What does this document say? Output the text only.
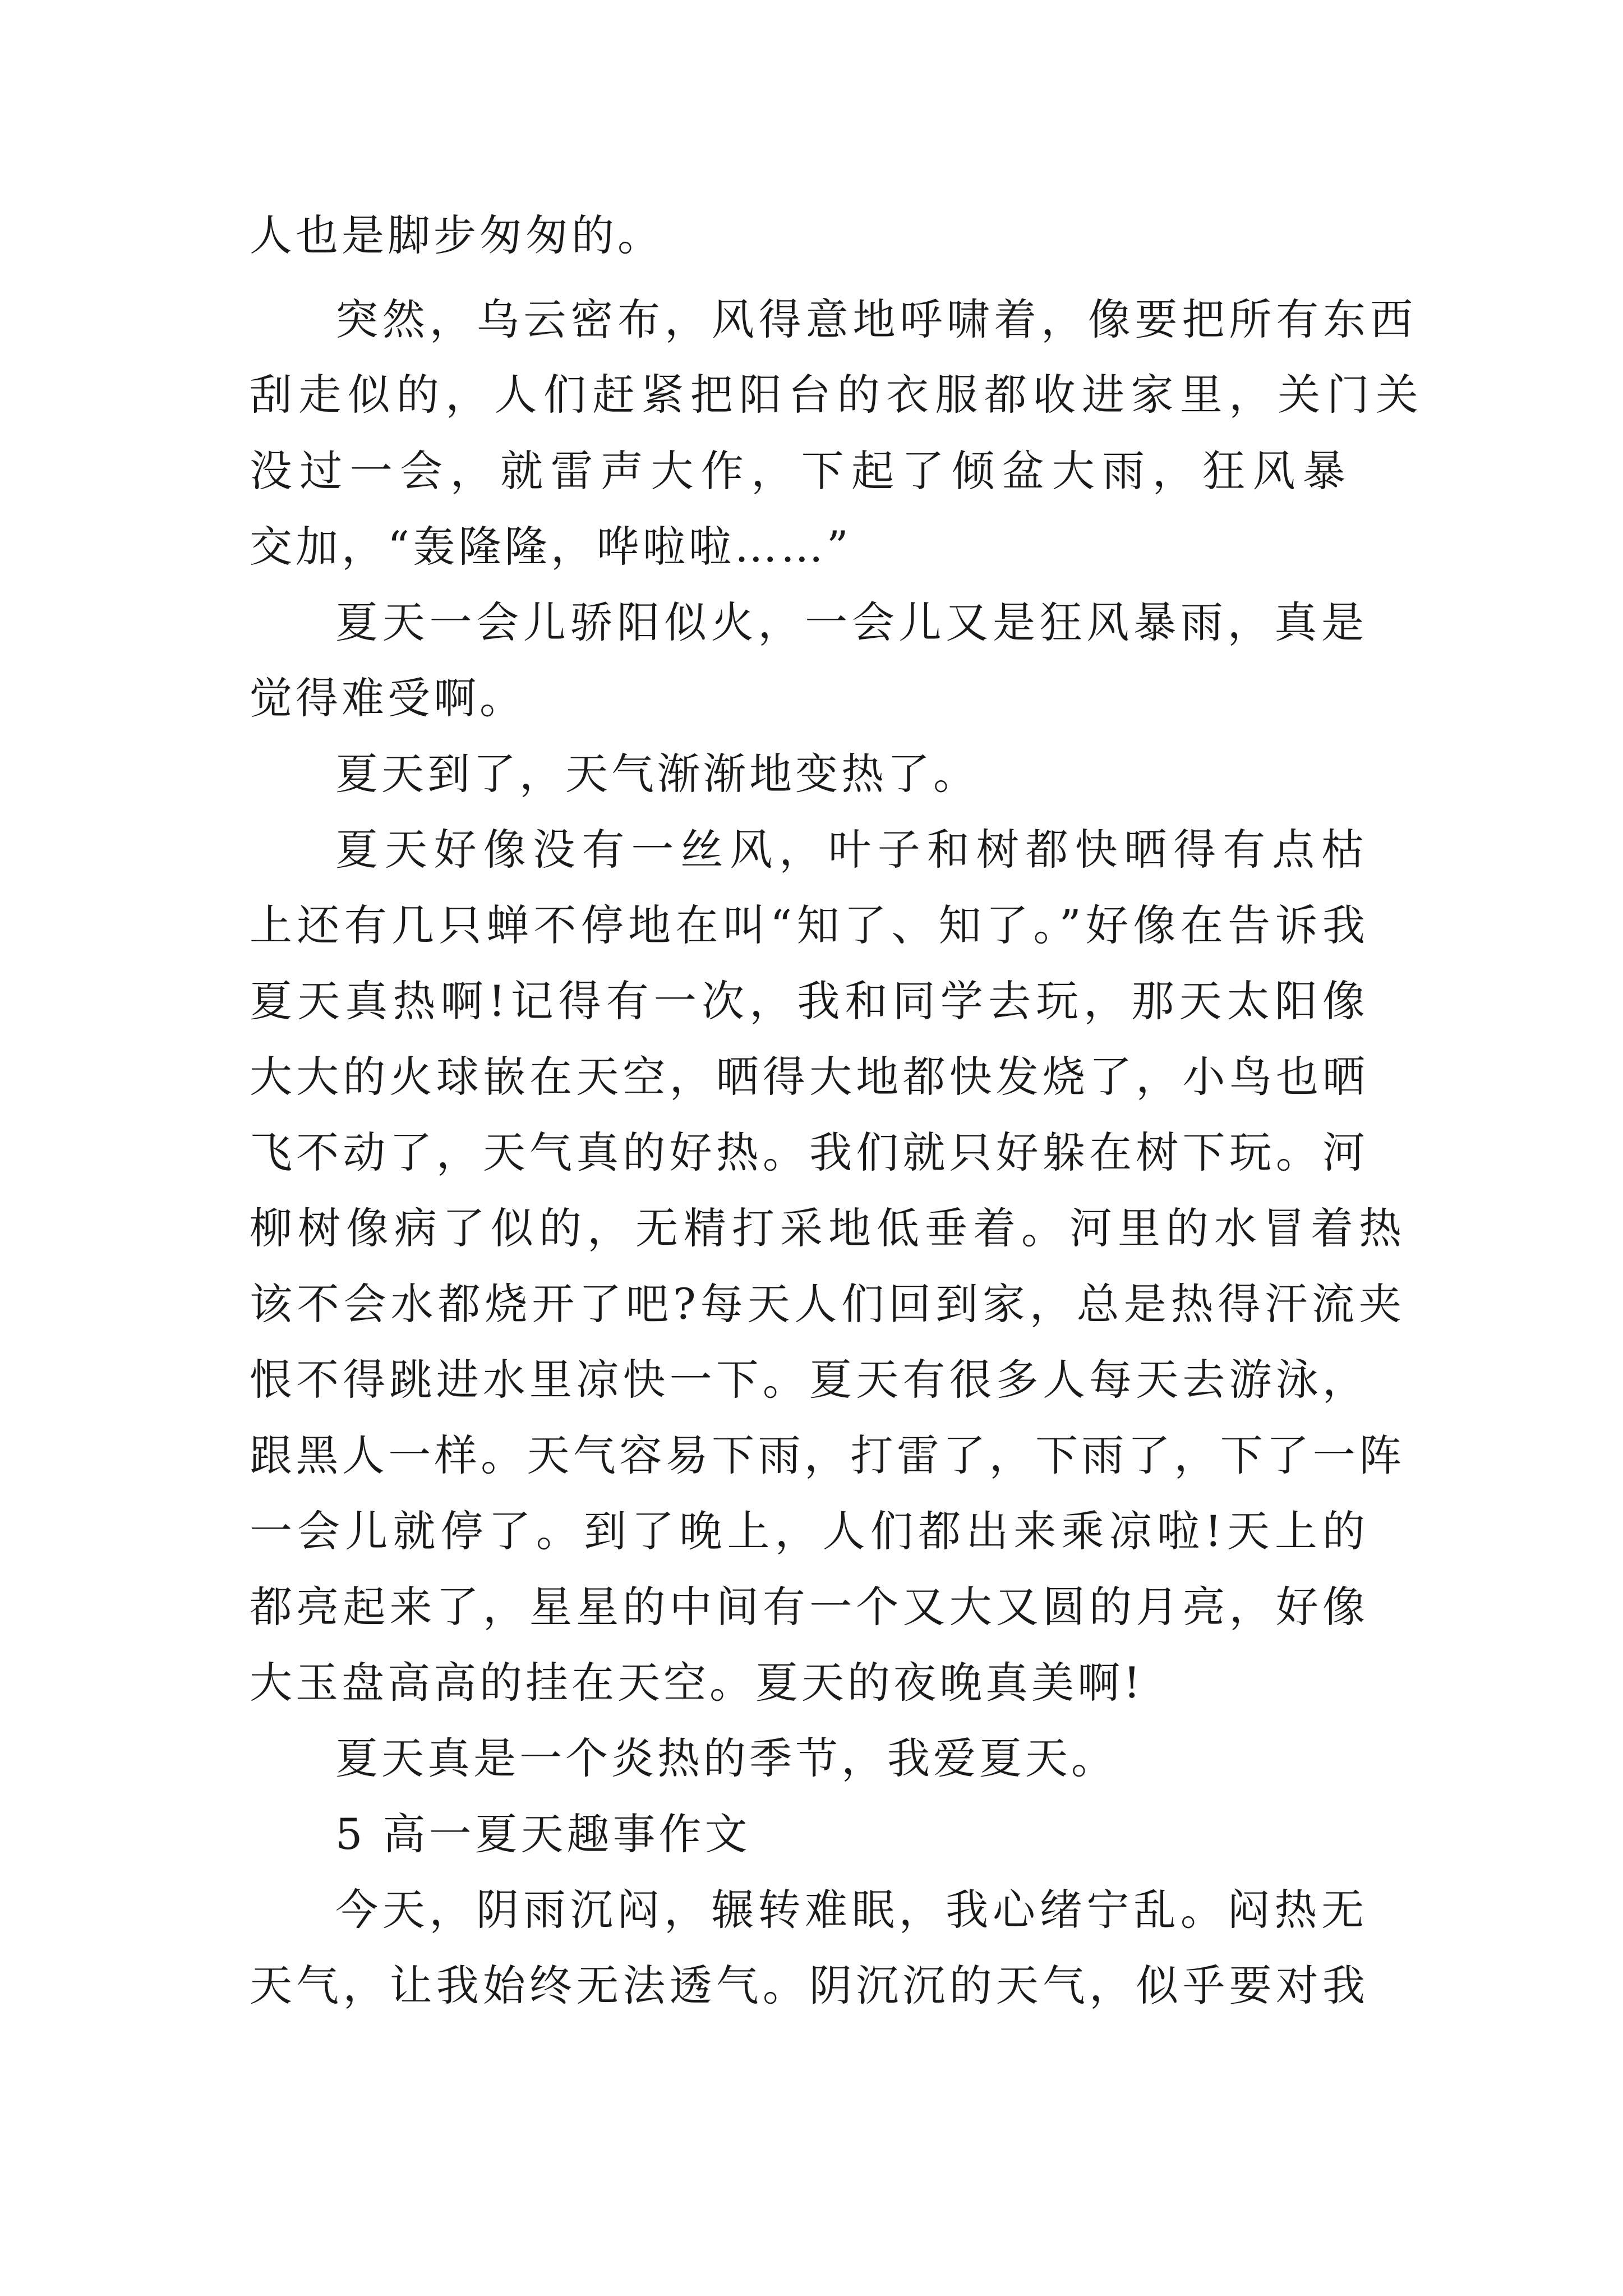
人也是脚步匆匆的。
突然，乌云密布，风得意地呼啸着，像要把所有东西
刮走似的，人们赶紧把阳台的衣服都收进家里，关门关
没过一会，就雷声大作，下起了倾盆大雨，狂风暴
交加，“轰隆隆，哗啦啦……”
夏天一会儿骄阳似火，一会儿又是狂风暴雨，真是
觉得难受啊。
夏天到了，天气渐渐地变热了。
夏天好像没有一丝风，叶子和树都快晒得有点枯
上还有几只蝉不停地在叫“知了、知了。”好像在告诉我
夏天真热啊!记得有一次，我和同学去玩，那天太阳像
大大的火球嵌在天空，晒得大地都快发烧了，小鸟也晒
飞不动了，天气真的好热。我们就只好躲在树下玩。河
柳树像病了似的，无精打采地低垂着。河里的水冒着热
该不会水都烧开了吧?每天人们回到家，总是热得汗流夹
恨不得跳进水里凉快一下。夏天有很多人每天去游泳，
跟黑人一样。天气容易下雨，打雷了，下雨了，下了一阵
一会儿就停了。到了晚上，人们都出来乘凉啦!天上的
都亮起来了，星星的中间有一个又大又圆的月亮，好像
大玉盘高高的挂在天空。夏天的夜晚真美啊!
夏天真是一个炎热的季节，我爱夏天。
5 高一夏天趣事作文
今天，阴雨沉闷，辗转难眠，我心绪宁乱。闷热无
天气，让我始终无法透气。阴沉沉的天气，似乎要对我
